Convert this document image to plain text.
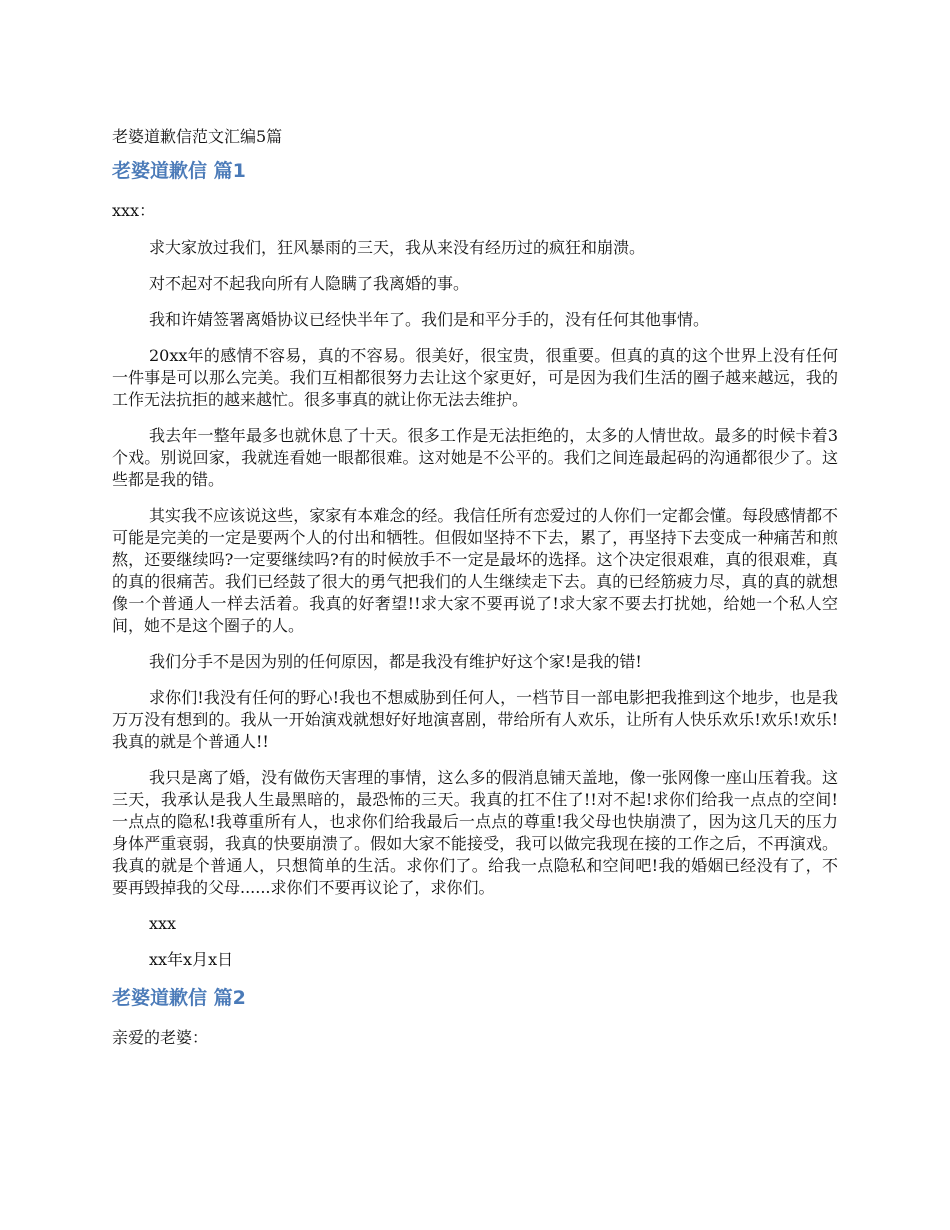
老婆道歉信范文汇编5篇
老婆道歉信 篇1
xxx：

求大家放过我们，狂风暴雨的三天，我从来没有经历过的疯狂和崩溃。

对不起对不起我向所有人隐瞒了我离婚的事。

我和许婧签署离婚协议已经快半年了。我们是和平分手的，没有任何其他事情。

20xx年的感情不容易，真的不容易。很美好，很宝贵，很重要。但真的真的这个世界上没有任何一件事是可以那么完美。我们互相都很努力去让这个家更好，可是因为我们生活的圈子越来越远，我的工作无法抗拒的越来越忙。很多事真的就让你无法去维护。

我去年一整年最多也就休息了十天。很多工作是无法拒绝的，太多的人情世故。最多的时候卡着3个戏。别说回家，我就连看她一眼都很难。这对她是不公平的。我们之间连最起码的沟通都很少了。这些都是我的错。

其实我不应该说这些，家家有本难念的经。我信任所有恋爱过的人你们一定都会懂。每段感情都不可能是完美的一定是要两个人的付出和牺牲。但假如坚持不下去，累了，再坚持下去变成一种痛苦和煎熬，还要继续吗?一定要继续吗?有的时候放手不一定是最坏的选择。这个决定很艰难，真的很艰难，真的真的很痛苦。我们已经鼓了很大的勇气把我们的人生继续走下去。真的已经筋疲力尽，真的真的就想像一个普通人一样去活着。我真的好奢望!!求大家不要再说了!求大家不要去打扰她，给她一个私人空间，她不是这个圈子的人。

我们分手不是因为别的任何原因，都是我没有维护好这个家!是我的错!

求你们!我没有任何的野心!我也不想威胁到任何人，一档节目一部电影把我推到这个地步，也是我万万没有想到的。我从一开始演戏就想好好地演喜剧，带给所有人欢乐，让所有人快乐欢乐!欢乐!欢乐!我真的就是个普通人!!

我只是离了婚，没有做伤天害理的事情，这么多的假消息铺天盖地，像一张网像一座山压着我。这三天，我承认是我人生最黑暗的，最恐怖的三天。我真的扛不住了!!对不起!求你们给我一点点的空间!一点点的隐私!我尊重所有人，也求你们给我最后一点点的尊重!我父母也快崩溃了，因为这几天的压力身体严重衰弱，我真的快要崩溃了。假如大家不能接受，我可以做完我现在接的工作之后，不再演戏。我真的就是个普通人，只想简单的生活。求你们了。给我一点隐私和空间吧!我的婚姻已经没有了，不要再毁掉我的父母......求你们不要再议论了，求你们。

xxx
xx年x月x日
老婆道歉信 篇2
亲爱的老婆：
